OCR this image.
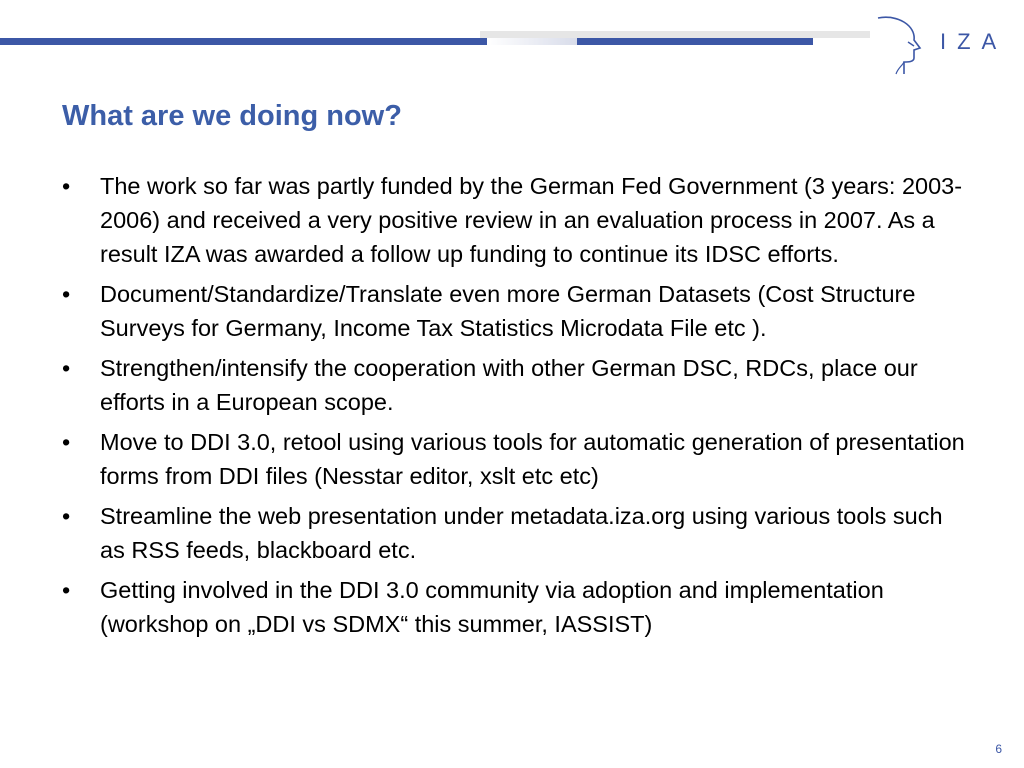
IZA
What are we doing now?
•	The work so far was partly funded by the German Fed Government (3 years: 2003-2006) and received a very positive review in an evaluation process in 2007. As a result IZA was awarded a follow up funding to continue its IDSC efforts.
•	Document/Standardize/Translate even more German Datasets (Cost Structure Surveys for Germany, Income Tax Statistics Microdata File etc ).
•	Strengthen/intensify the cooperation with other German DSC, RDCs, place our efforts in a European scope.
•	Move to DDI 3.0, retool using various tools for automatic generation of presentation forms from DDI files (Nesstar editor, xslt etc etc)
•	Streamline the web presentation under metadata.iza.org using various tools such as RSS feeds, blackboard etc.
•	Getting involved in the DDI 3.0 community via adoption and implementation (workshop on „DDI vs SDMX“ this summer, IASSIST)
6
